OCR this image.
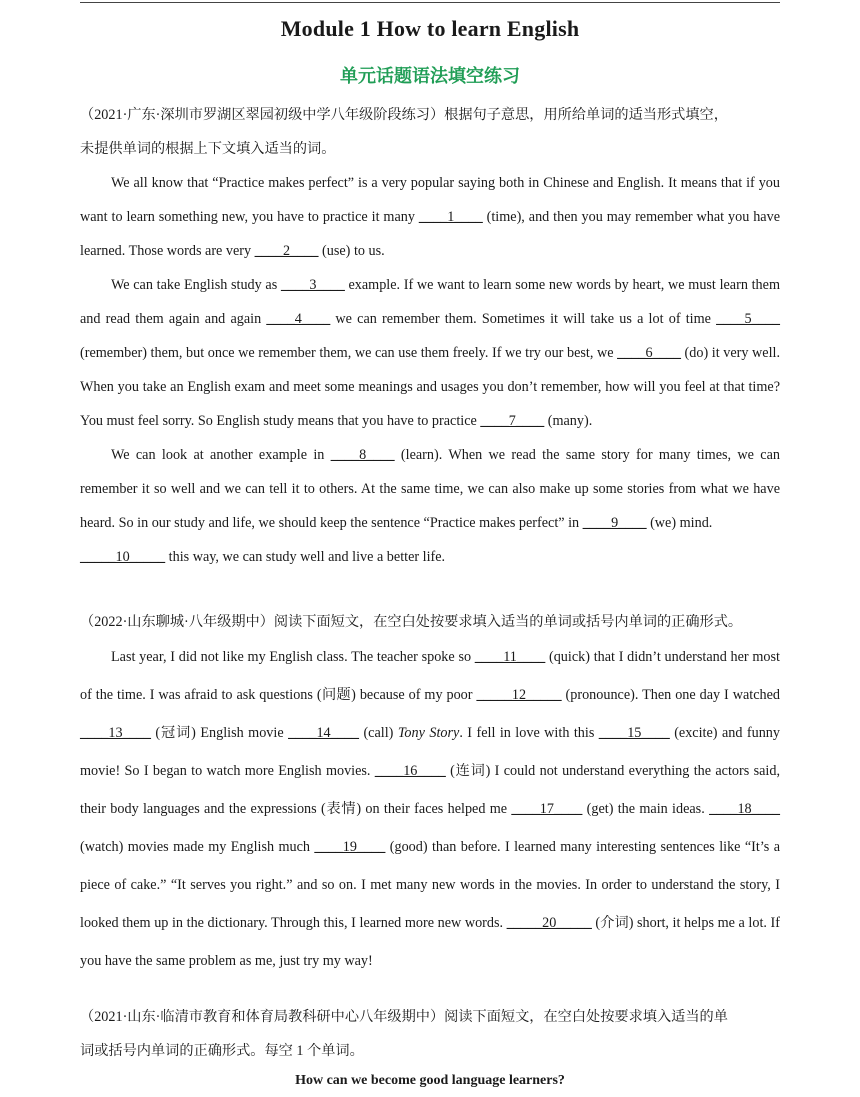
Module 1 How to learn English
单元话题语法填空练习

（2021·广东·深圳市罗湖区翠园初级中学八年级阶段练习）根据句子意思，用所给单词的适当形式填空，

未提供单词的根据上下文填入适当的词。

We all know that “Practice makes perfect” is a very popular saying both in Chinese and English. It means that if you want to learn something new, you have to practice it many ____1____ (time), and then you may remember what you have learned. Those words are very ____2____ (use) to us.

We can take English study as ____3____ example. If we want to learn some new words by heart, we must learn them and read them again and again ____4____ we can remember them. Sometimes it will take us a lot of time ____5____ (remember) them, but once we remember them, we can use them freely. If we try our best, we ____6____ (do) it very well. When you take an English exam and meet some meanings and usages you don’t remember, how will you feel at that time? You must feel sorry. So English study means that you have to practice ____7____ (many).

We can look at another example in ____8____ (learn). When we read the same story for many times, we can remember it so well and we can tell it to others. At the same time, we can also make up some stories from what we have heard. So in our study and life, we should keep the sentence “Practice makes perfect” in ____9____ (we) mind.

_____10_____ this way, we can study well and live a better life.

（2022·山东聊城·八年级期中）阅读下面短文，在空白处按要求填入适当的单词或括号内单词的正确形式。

Last year, I did not like my English class. The teacher spoke so ____11____ (quick) that I didn’t understand her most of the time. I was afraid to ask questions (问题) because of my poor _____12_____ (pronounce). Then one day I watched ____13____ (冠词) English movie ____14____ (call) Tony Story. I fell in love with this ____15____ (excite) and funny movie! So I began to watch more English movies. ____16____ (连词) I could not understand everything the actors said, their body languages and the expressions (表情) on their faces helped me ____17____ (get) the main ideas. ____18____ (watch) movies made my English much ____19____ (good) than before. I learned many interesting sentences like “It’s a piece of cake.” “It serves you right.” and so on. I met many new words in the movies. In order to understand the story, I looked them up in the dictionary. Through this, I learned more new words. _____20_____ (介词) short, it helps me a lot. If you have the same problem as me, just try my way!

（2021·山东·临清市教育和体育局教科研中心八年级期中）阅读下面短文，在空白处按要求填入适当的单

词或括号内单词的正确形式。每空 1 个单词。

How can we become good language learners?
